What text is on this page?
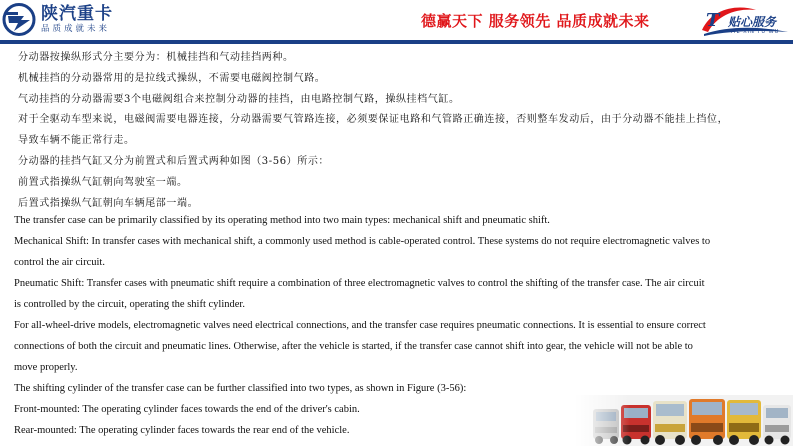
陕汽重卡
品质成就未来	德赢天下 服务领先 品质成就未来	T 贴心服务
TIE XIN FU WU
分动器按操纵形式分主要分为：机械挂挡和气动挂挡两种。
机械挂挡的分动器常用的是拉线式操纵，不需要电磁阀控制气路。
气动挂挡的分动器需要3个电磁阀组合来控制分动器的挂挡，由电路控制气路，操纵挂档气缸。
对于全驱动车型来说，电磁阀需要电器连接，分动器需要气管路连接，必须要保证电路和气管路正确连接，否则整车发动后，由于分动器不能挂上挡位，
导致车辆不能正常行走。
分动器的挂挡气缸又分为前置式和后置式两种如图（3-56）所示：
前置式指操纵气缸朝向驾驶室一端。
后置式指操纵气缸朝向车辆尾部一端。
The transfer case can be primarily classified by its operating method into two main types: mechanical shift and pneumatic shift.
Mechanical Shift: In transfer cases with mechanical shift, a commonly used method is cable-operated control. These systems do not require electromagnetic valves to
control the air circuit.
Pneumatic Shift: Transfer cases with pneumatic shift require a combination of three electromagnetic valves to control the shifting of the transfer case. The air circuit
is controlled by the circuit, operating the shift cylinder.
For all-wheel-drive models, electromagnetic valves need electrical connections, and the transfer case requires pneumatic connections. It is essential to ensure correct
connections of both the circuit and pneumatic lines. Otherwise, after the vehicle is started, if the transfer case cannot shift into gear, the vehicle will not be able to
move properly.
The shifting cylinder of the transfer case can be further classified into two types, as shown in Figure (3-56):
Front-mounted: The operating cylinder faces towards the end of the driver's cabin.
Rear-mounted: The operating cylinder faces towards the rear end of the vehicle.
